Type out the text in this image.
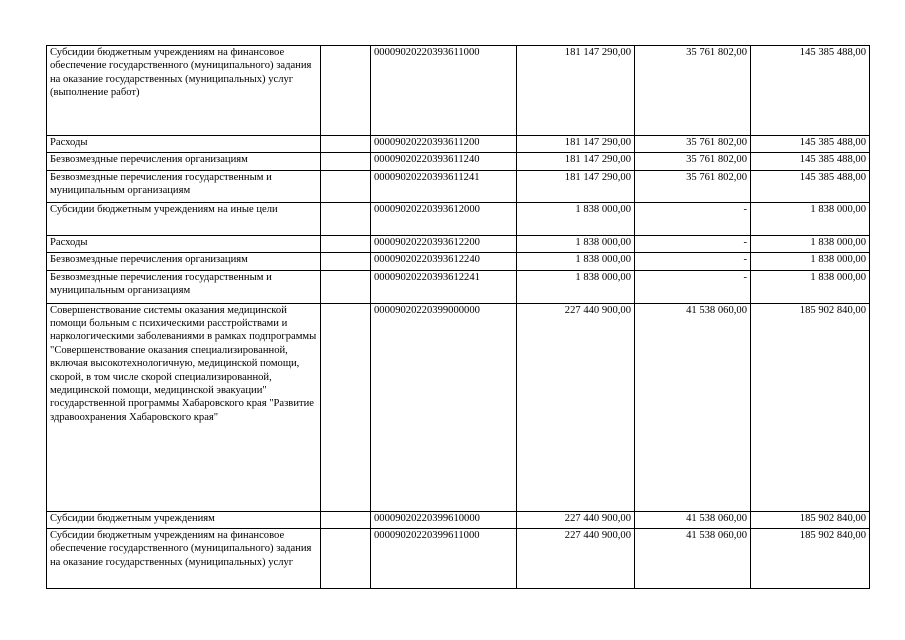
Субсидии бюджетным учреждениям на финансовое обеспечение государственного (муниципального) задания на оказание государственных (муниципальных) услуг (выполнение работ)		00009020220393611000	181 147 290,00	35 761 802,00	145 385 488,00
Расходы		00009020220393611200	181 147 290,00	35 761 802,00	145 385 488,00
Безвозмездные перечисления организациям		00009020220393611240	181 147 290,00	35 761 802,00	145 385 488,00
Безвозмездные перечисления государственным и муниципальным организациям		00009020220393611241	181 147 290,00	35 761 802,00	145 385 488,00
Субсидии бюджетным учреждениям на иные цели		00009020220393612000	1 838 000,00	-	1 838 000,00
Расходы		00009020220393612200	1 838 000,00	-	1 838 000,00
Безвозмездные перечисления организациям		00009020220393612240	1 838 000,00	-	1 838 000,00
Безвозмездные перечисления государственным и муниципальным организациям		00009020220393612241	1 838 000,00	-	1 838 000,00
Совершенствование системы оказания медицинской помощи больным с психическими расстройствами и наркологическими заболеваниями в рамках подпрограммы "Совершенствование оказания специализированной, включая высокотехнологичную, медицинской помощи, скорой, в том числе скорой специализированной, медицинской помощи, медицинской эвакуации" государственной программы Хабаровского края "Развитие здравоохранения Хабаровского края"		00009020220399000000	227 440 900,00	41 538 060,00	185 902 840,00
Субсидии бюджетным учреждениям		00009020220399610000	227 440 900,00	41 538 060,00	185 902 840,00
Субсидии бюджетным учреждениям на финансовое обеспечение государственного (муниципального) задания на оказание государственных (муниципальных) услуг		00009020220399611000	227 440 900,00	41 538 060,00	185 902 840,00
